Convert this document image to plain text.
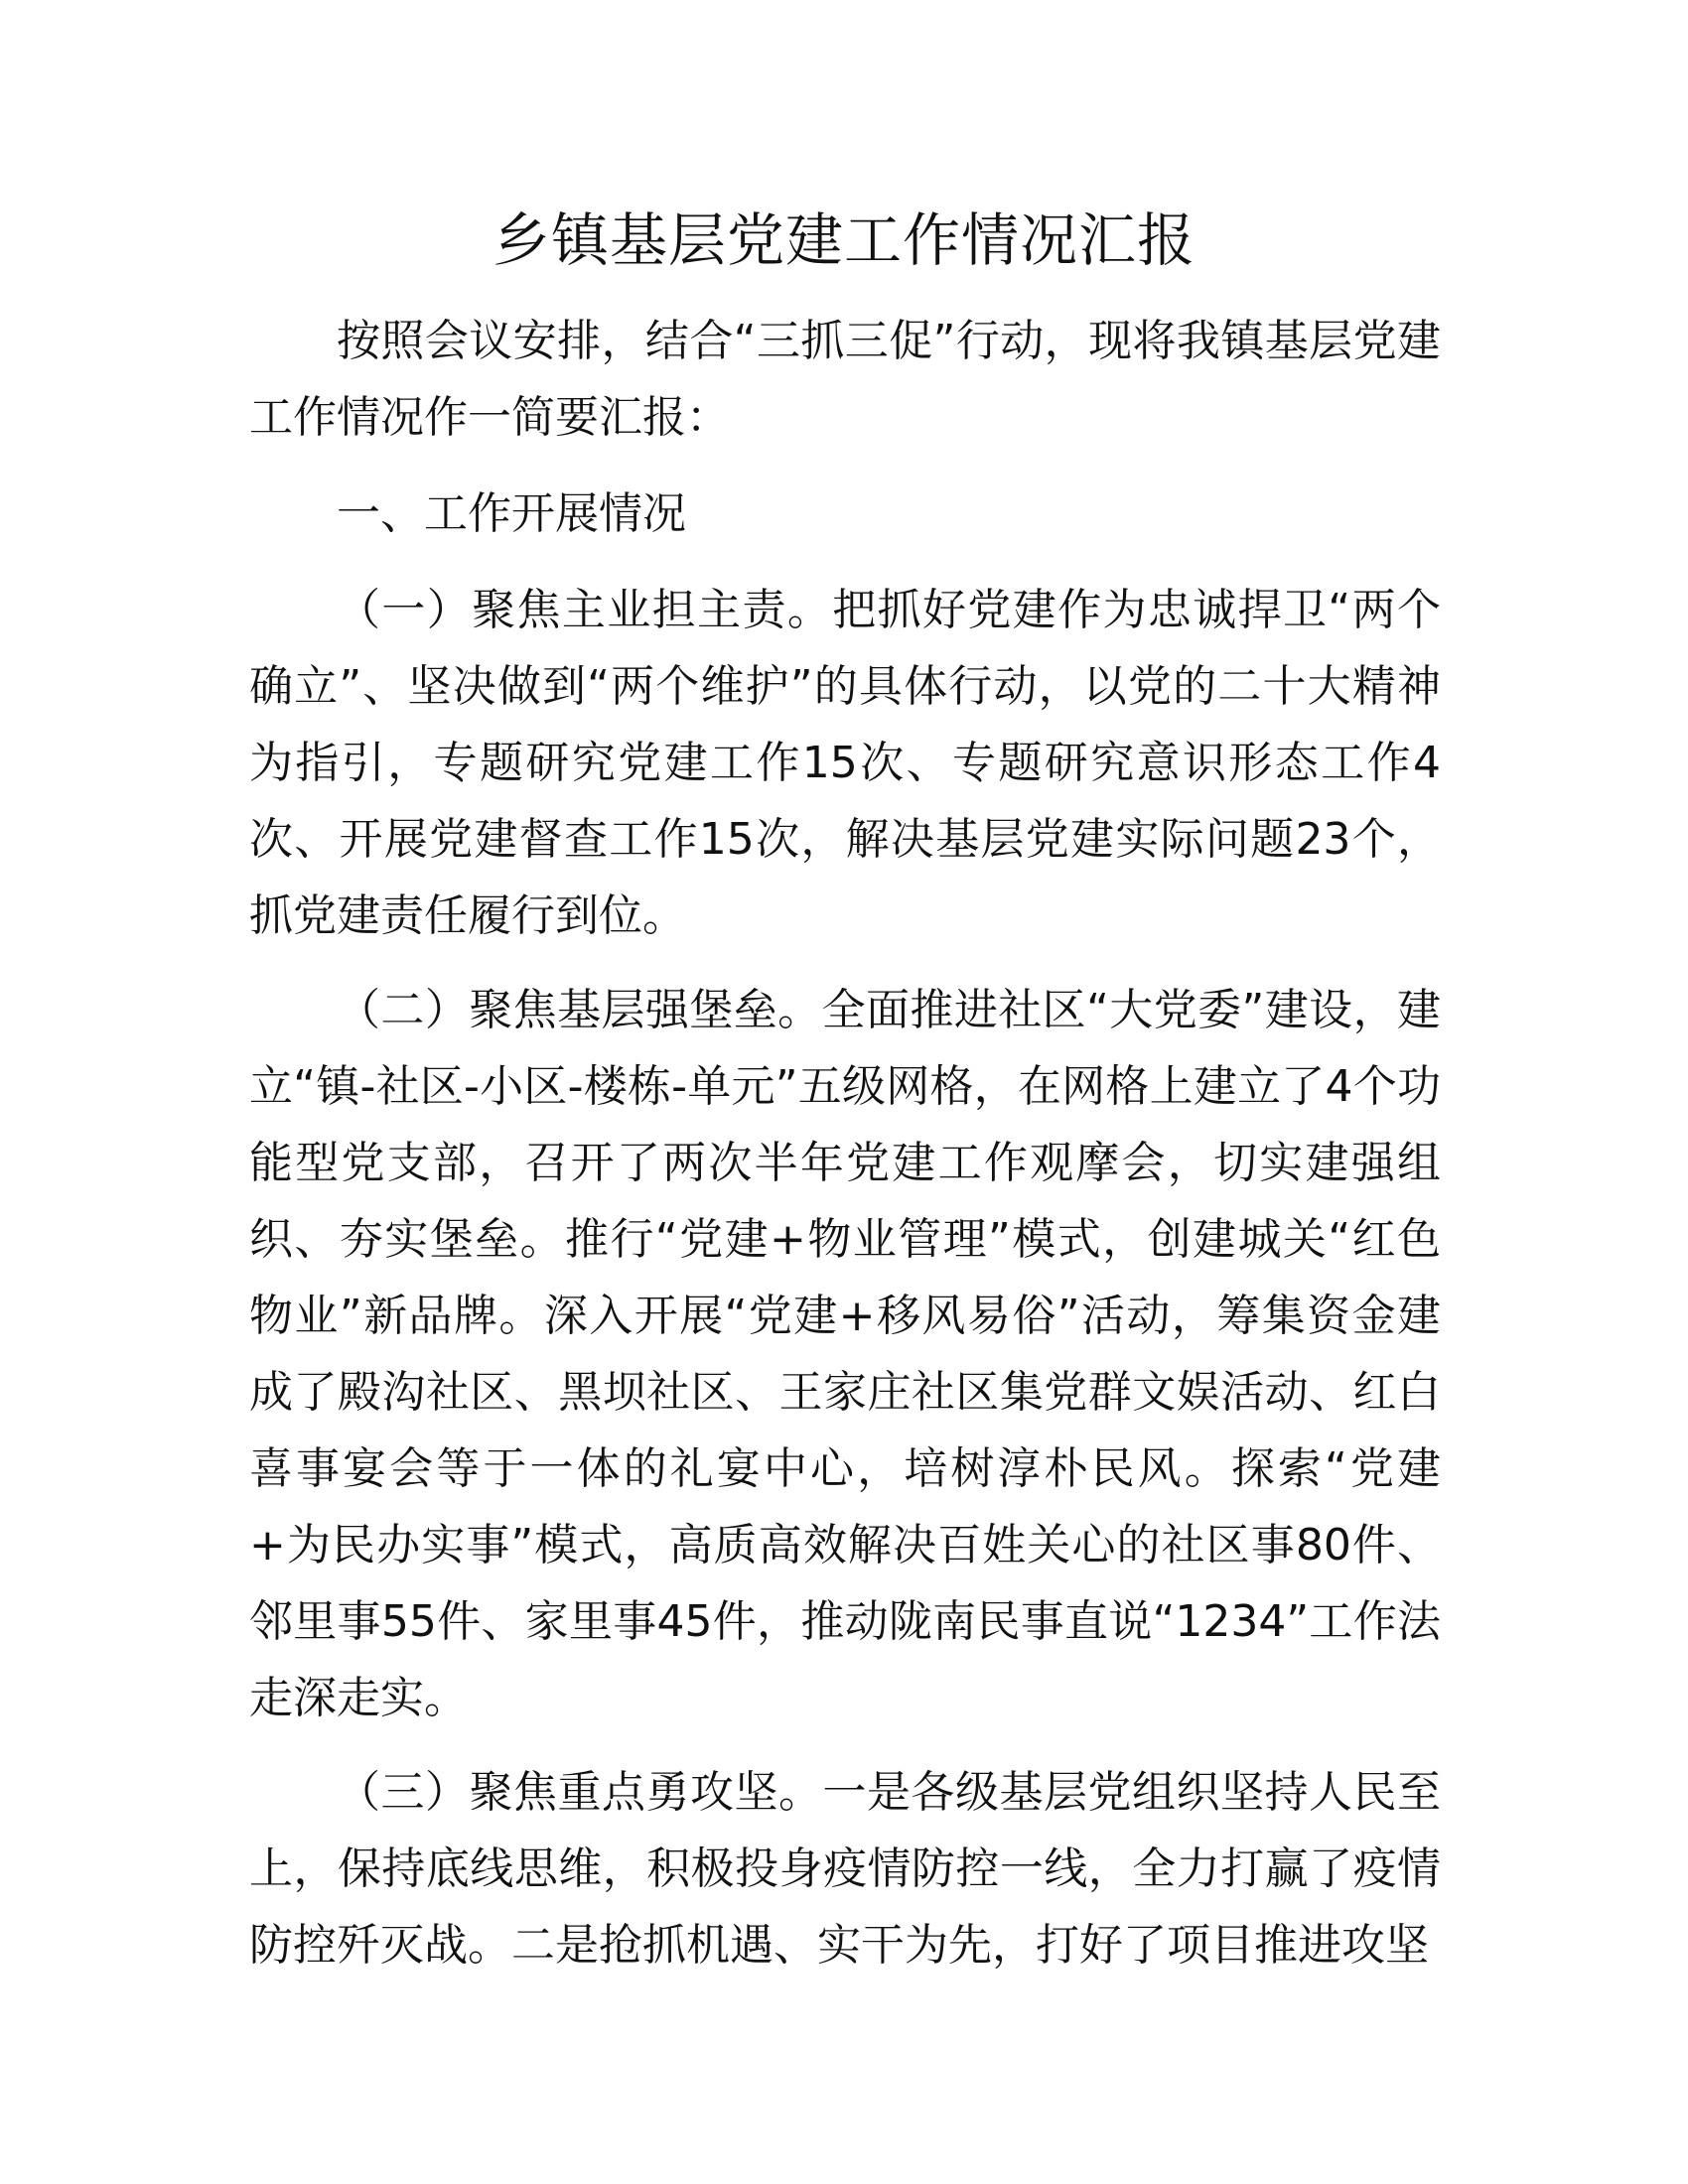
乡镇基层党建工作情况汇报

按照会议安排，结合“三抓三促”行动，现将我镇基层党建工作情况作一简要汇报：

一、工作开展情况

（一）聚焦主业担主责。把抓好党建作为忠诚捍卫“两个确立”、坚决做到“两个维护”的具体行动，以党的二十大精神为指引，专题研究党建工作15次、专题研究意识形态工作4次、开展党建督查工作15次，解决基层党建实际问题23个，抓党建责任履行到位。

（二）聚焦基层强堡垒。全面推进社区“大党委”建设，建立“镇-社区-小区-楼栋-单元”五级网格，在网格上建立了4个功能型党支部，召开了两次半年党建工作观摩会，切实建强组织、夯实堡垒。推行“党建+物业管理”模式，创建城关“红色物业”新品牌。深入开展“党建+移风易俗”活动，筹集资金建成了殿沟社区、黑坝社区、王家庄社区集党群文娱活动、红白喜事宴会等于一体的礼宴中心，培树淳朴民风。探索“党建+为民办实事”模式，高质高效解决百姓关心的社区事80件、邻里事55件、家里事45件，推动陇南民事直说“1234”工作法走深走实。

（三）聚焦重点勇攻坚。一是各级基层党组织坚持人民至上，保持底线思维，积极投身疫情防控一线，全力打赢了疫情防控歼灭战。二是抢抓机遇、实干为先，打好了项目推进攻坚
